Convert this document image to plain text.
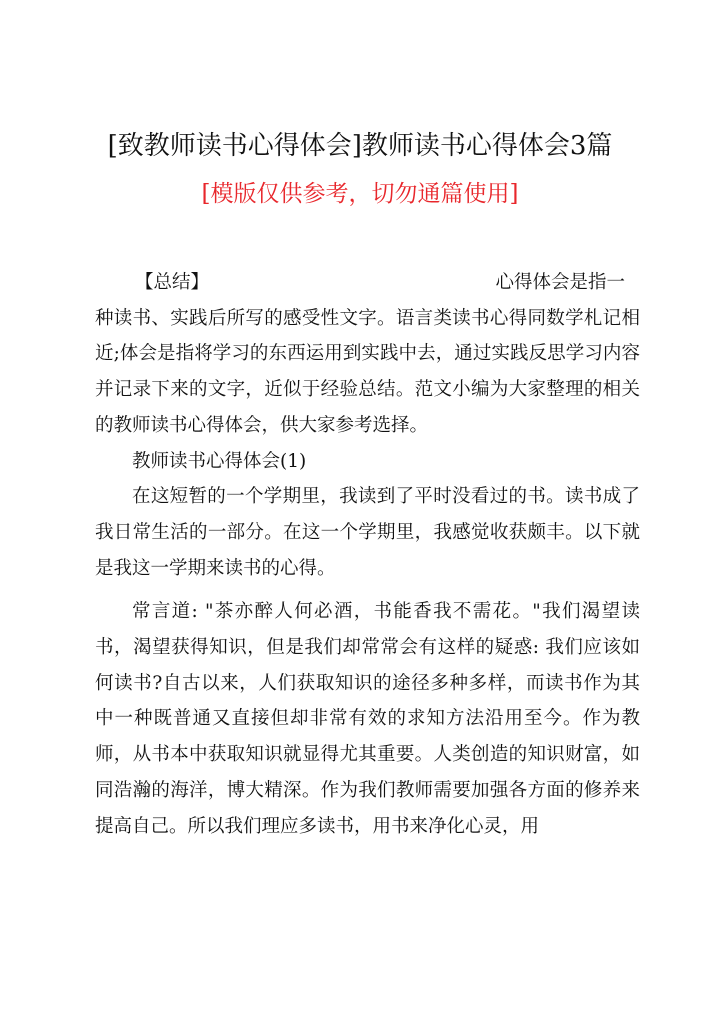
[致教师读书心得体会]教师读书心得体会3篇
[模版仅供参考，切勿通篇使用]
【总结】	心得体会是指一

种读书、实践后所写的感受性文字。语言类读书心得同数学札记相近;体会是指将学习的东西运用到实践中去，通过实践反思学习内容并记录下来的文字，近似于经验总结。范文小编为大家整理的相关的教师读书心得体会，供大家参考选择。

教师读书心得体会(1)

在这短暂的一个学期里，我读到了平时没看过的书。读书成了我日常生活的一部分。在这一个学期里，我感觉收获颇丰。以下就是我这一学期来读书的心得。

常言道: "茶亦醉人何必酒，书能香我不需花。"我们渴望读书，渴望获得知识，但是我们却常常会有这样的疑惑: 我们应该如何读书?自古以来，人们获取知识的途径多种多样，而读书作为其中一种既普通又直接但却非常有效的求知方法沿用至今。作为教师，从书本中获取知识就显得尤其重要。人类创造的知识财富，如同浩瀚的海洋，博大精深。作为我们教师需要加强各方面的修养来提高自己。所以我们理应多读书，用书来净化心灵，用
